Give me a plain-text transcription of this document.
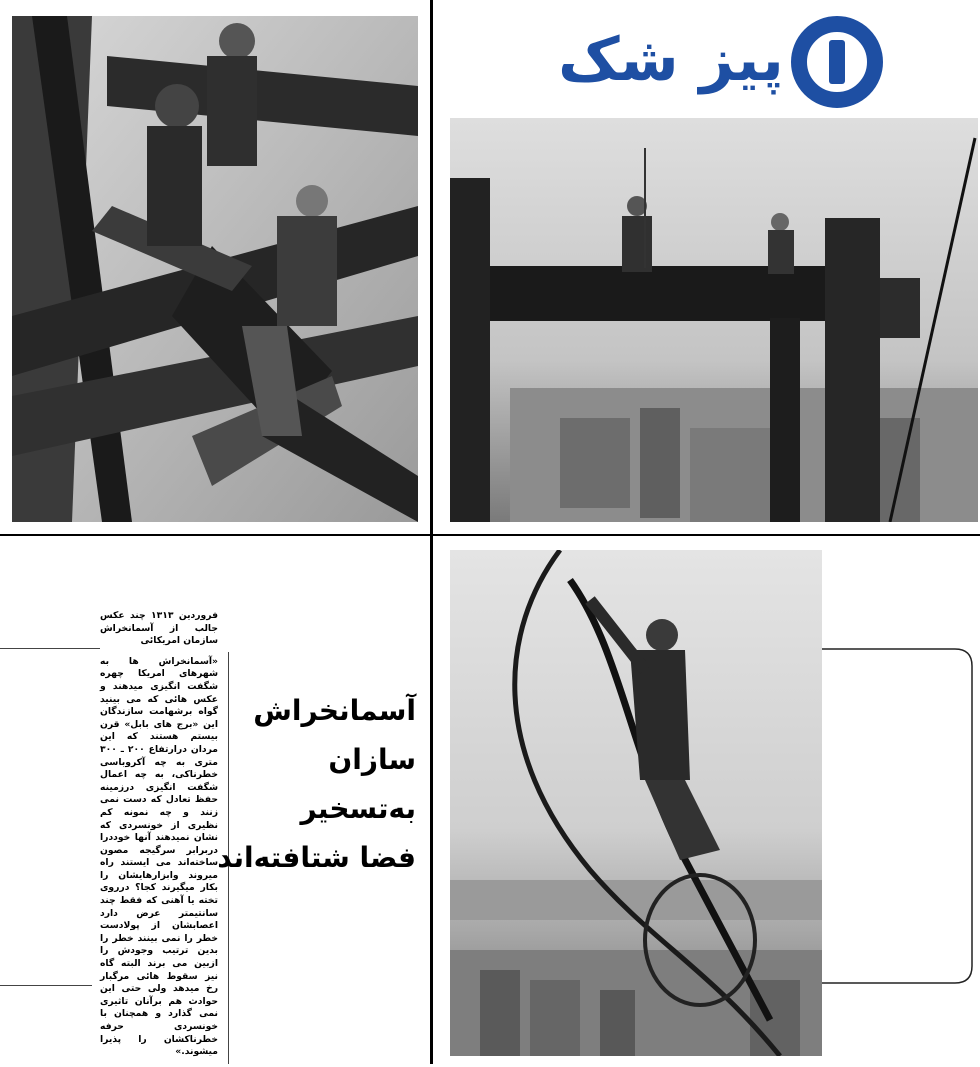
پیز شک

فروردین ۱۳۱۳ چند عکس جالب از آسمانخراش سازمان امریکائی

«آسمانخراش ها به شهرهای امریکا چهره شگفت انگیزی میدهند و عکس هائی که می بینید گواه برشهامت سازندگان این «برج های بابل» قرن بیستم هستند که این مردان درارتفاع ۲۰۰ ـ ۳۰۰ متری به چه آکروباسی خطرناکی، به چه اعمال شگفت انگیزی درزمینه حفظ تعادل که دست نمی زنند و چه نمونه کم نظیری از خونسردی که نشان نمیدهند آنها خوددرا دربرابر سرگیجه مصون ساخته‌اند می ایستند راه میروند وابزارهایشان را بکار میگیرند کجا؟ درروی تخته یا آهنی که فقط چند سانتیمتر عرض دارد اعصابشان از پولادست خطر را نمی بینند خطر را بدین ترتیب وجودش را ازبین می برند البته گاه نیز سقوط هائی مرگبار رخ میدهد ولی حتی این حوادث هم برآنان تاثیری نمی گذارد و همچنان با خونسردی حرفه خطرناکشان را پذیرا میشوند.»

آسمانخراش
سازان
به‌تسخیر
فضا شتافته‌اند
